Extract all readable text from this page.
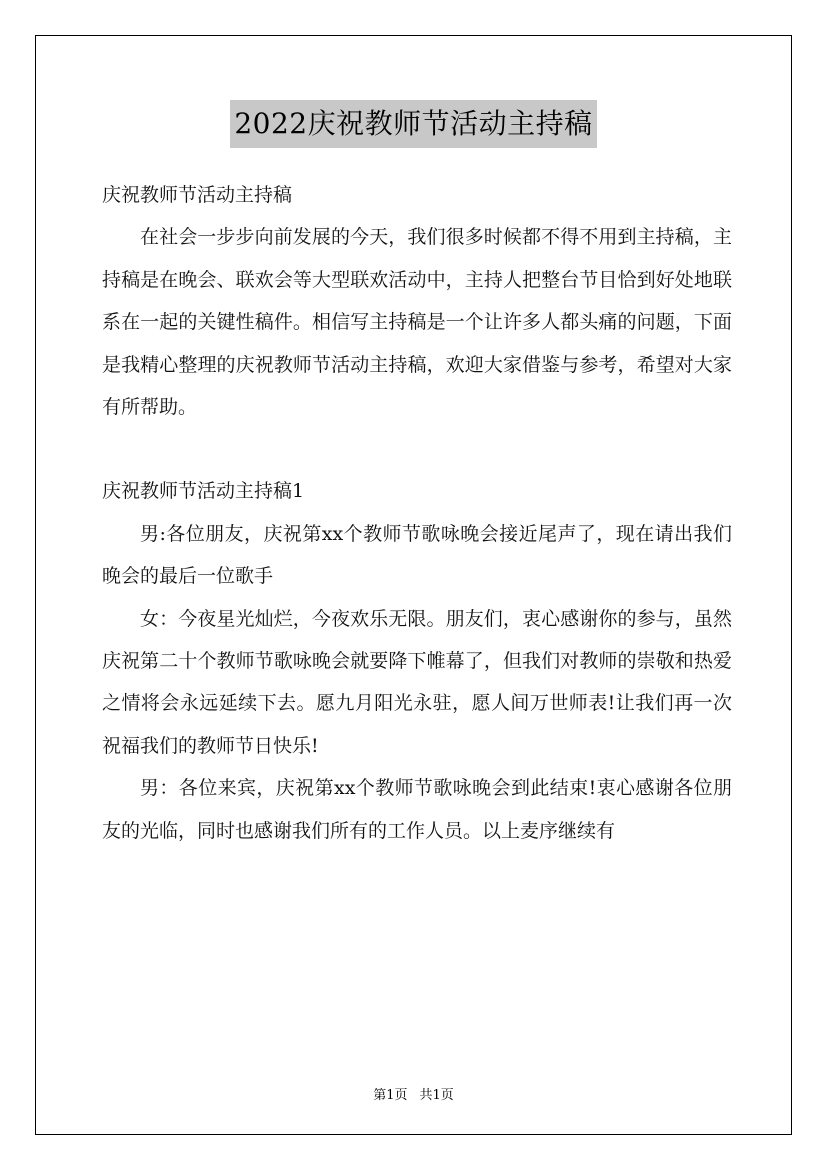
2022庆祝教师节活动主持稿

庆祝教师节活动主持稿

在社会一步步向前发展的今天，我们很多时候都不得不用到主持稿，主持稿是在晚会、联欢会等大型联欢活动中，主持人把整台节目恰到好处地联系在一起的关键性稿件。相信写主持稿是一个让许多人都头痛的问题，下面是我精心整理的庆祝教师节活动主持稿，欢迎大家借鉴与参考，希望对大家有所帮助。

庆祝教师节活动主持稿1

男:各位朋友，庆祝第xx个教师节歌咏晚会接近尾声了，现在请出我们晚会的最后一位歌手

女：今夜星光灿烂，今夜欢乐无限。朋友们，衷心感谢你的参与，虽然庆祝第二十个教师节歌咏晚会就要降下帷幕了，但我们对教师的崇敬和热爱之情将会永远延续下去。愿九月阳光永驻，愿人间万世师表!让我们再一次祝福我们的教师节日快乐!

男：各位来宾，庆祝第xx个教师节歌咏晚会到此结束!衷心感谢各位朋友的光临，同时也感谢我们所有的工作人员。以上麦序继续有

第1页 共1页
